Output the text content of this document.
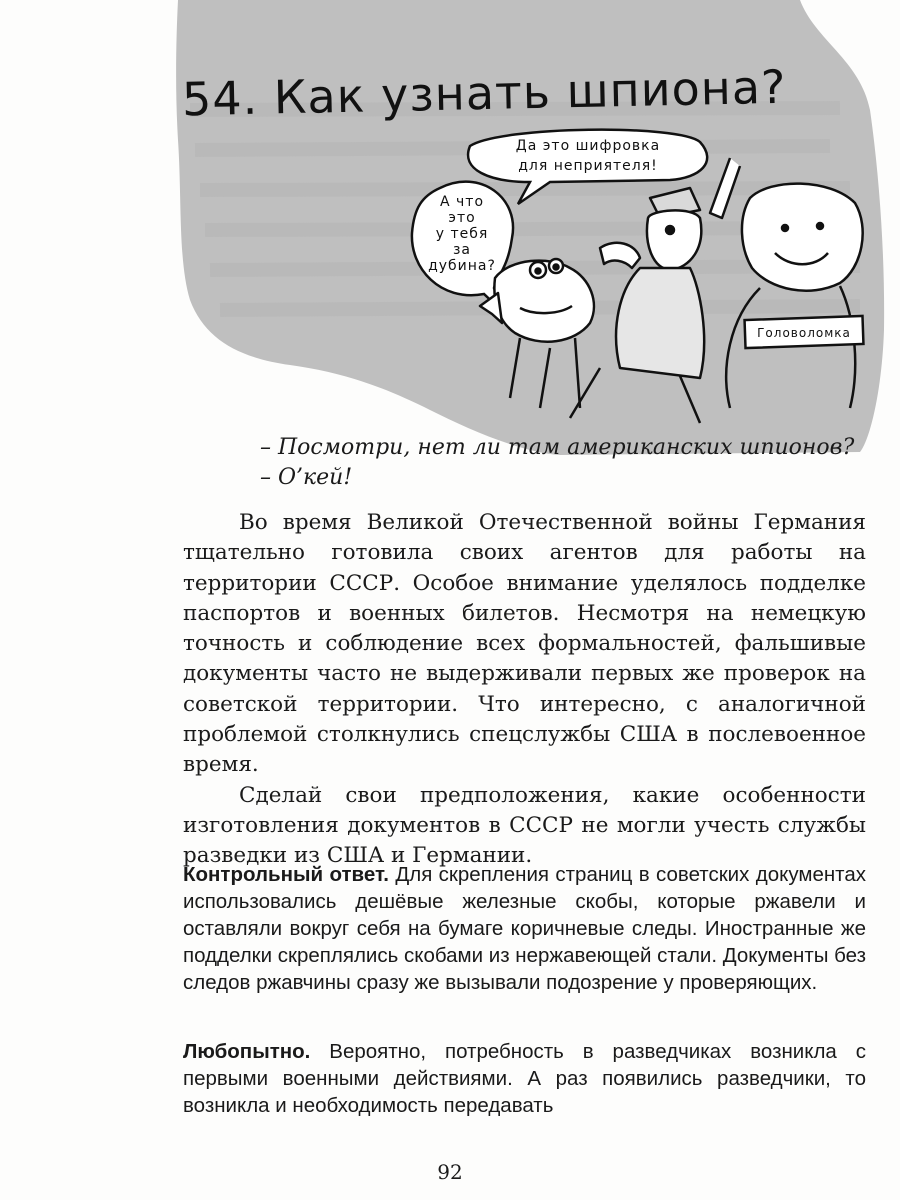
54. Как узнать шпиона?
Да это шифровка
для неприятеля!
А что
это
у тебя
за
дубина?
Головоломка

– Посмотри, нет ли там американских шпионов?

– О’кей!

Во время Великой Отечественной войны Германия тщательно готовила своих агентов для работы на территории СССР. Особое внимание уделялось подделке паспортов и военных билетов. Несмотря на немецкую точность и соблюдение всех формальностей, фальшивые документы часто не выдерживали первых же проверок на советской территории. Что интересно, с аналогичной проблемой столкнулись спецслужбы США в послевоенное время.

Сделай свои предположения, какие особенности изготовления документов в СССР не могли учесть службы разведки из США и Германии.

Контрольный ответ. Для скрепления страниц в советских документах использовались дешёвые железные скобы, которые ржавели и оставляли вокруг себя на бумаге коричневые следы. Иностранные же подделки скреплялись скобами из нержавеющей стали. Документы без следов ржавчины сразу же вызывали подозрение у проверяющих.

Любопытно. Вероятно, потребность в разведчиках возникла с первыми военными действиями. А раз появились разведчики, то возникла и необходимость передавать

92
